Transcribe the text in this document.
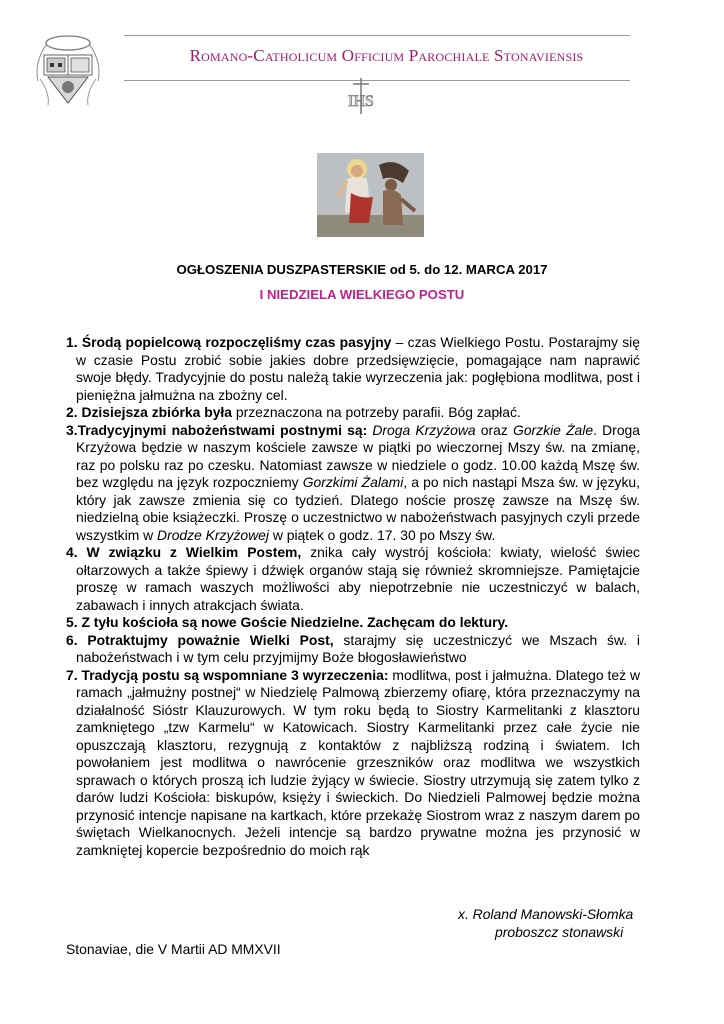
Romano-Catholicum Officium Parochiale Stonaviensis
IHS
OGŁOSZENIA DUSZPASTERSKIE od 5. do 12. MARCA 2017
I NIEDZIELA WIELKIEGO POSTU

1. Środą popielcową rozpoczęliśmy czas pasyjny – czas Wielkiego Postu. Postarajmy się w czasie Postu zrobić sobie jakies dobre przedsięwzięcie, pomagające nam naprawić swoje błędy. Tradycyjnie do postu należą takie wyrzeczenia jak: pogłębiona modlitwa, post i pieniężna jałmużna na zbożny cel.

2. Dzisiejsza zbiórka była przeznaczona na potrzeby parafii. Bóg zapłać.

3.Tradycyjnymi nabożeństwami postnymi są: Droga Krzyżowa oraz Gorzkie Żale. Droga Krzyżowa będzie w naszym kościele zawsze w piątki po wieczornej Mszy św. na zmianę, raz po polsku raz po czesku. Natomiast zawsze w niedziele o godz. 10.00 każdą Mszę św. bez względu na język rozpoczniemy Gorzkimi Żalami, a po nich nastąpi Msza św. w języku, który jak zawsze zmienia się co tydzień. Dlatego noście proszę zawsze na Mszę św. niedzielną obie książeczki. Proszę o uczestnictwo w nabożeństwach pasyjnych czyli przede wszystkim w Drodze Krzyżowej w piątek o godz. 17. 30 po Mszy św.

4. W związku z Wielkim Postem, znika cały wystrój kościoła: kwiaty, wielość świec ołtarzowych a także śpiewy i dźwięk organów stają się również skromniejsze. Pamiętajcie proszę w ramach waszych możliwości aby niepotrzebnie nie uczestniczyć w balach, zabawach i innych atrakcjach świata.

5. Z tyłu kościoła są nowe Goście Niedzielne. Zachęcam do lektury.

6. Potraktujmy poważnie Wielki Post, starajmy się uczestniczyć we Mszach św. i nabożeństwach i w tym celu przyjmijmy Boże błogosławieństwo

7. Tradycją postu są wspomniane 3 wyrzeczenia: modlitwa, post i jałmużna. Dlatego też w ramach „jałmużny postnej“ w Niedzielę Palmową zbierzemy ofiarę, która przeznaczymy na działalność Sióstr Klauzurowych. W tym roku będą to Siostry Karmelitanki z klasztoru zamkniętego „tzw Karmelu“ w Katowicach. Siostry Karmelitanki przez całe życie nie opuszczają klasztoru, rezygnują z kontaktów z najbliższą rodziną i światem. Ich powołaniem jest modlitwa o nawrócenie grzeszników oraz modlitwa we wszystkich sprawach o których proszą ich ludzie żyjący w świecie. Siostry utrzymują się zatem tylko z darów ludzi Kościoła: biskupów, księży i świeckich. Do Niedzieli Palmowej będzie można przynosić intencje napisane na kartkach, które przekażę Siostrom wraz z naszym darem po świętach Wielkanocnych. Jeżeli intencje są bardzo prywatne można jes przynosić w zamkniętej kopercie bezpośrednio do moich rąk

x. Roland Manowski-Słomka
proboszcz stonawski
Stonaviae, die V Martii AD MMXVII
